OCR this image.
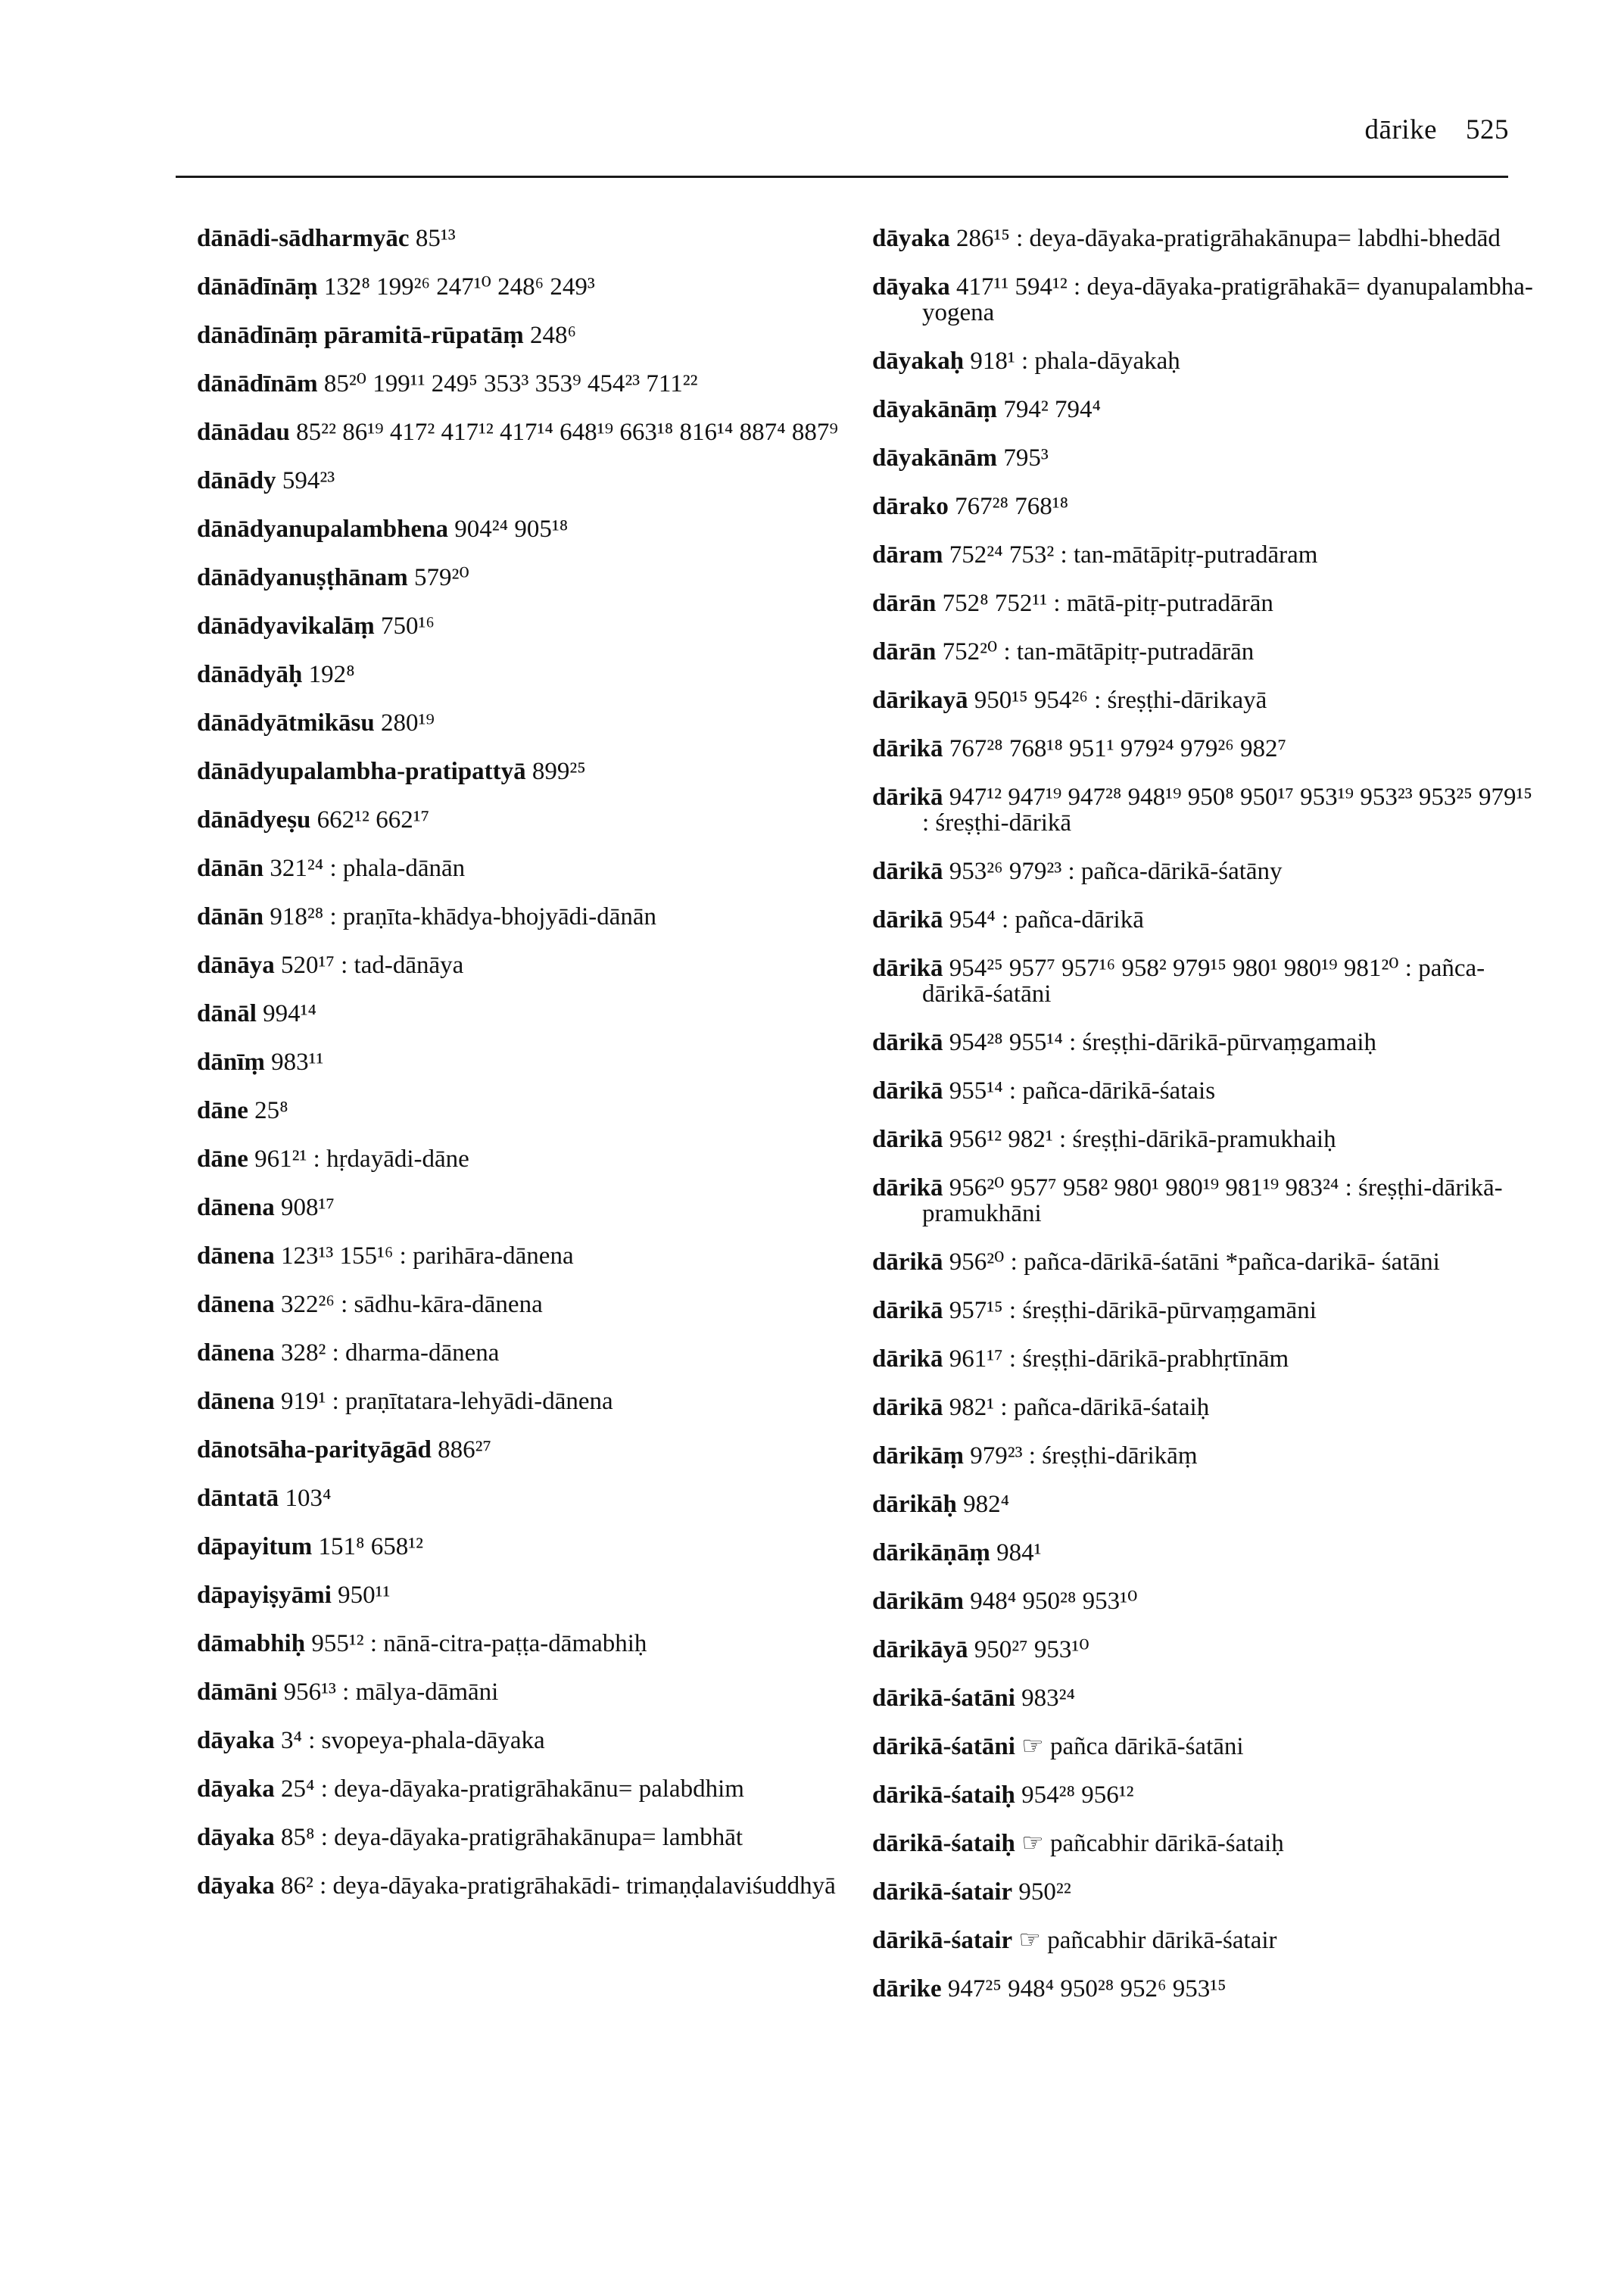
dārike 525
dānādi-sādharmyāc 85¹³
dānādīnāṃ 132⁸ 199²⁶ 247¹⁰ 248⁶ 249³
dānādīnāṃ pāramitā-rūpatāṃ 248⁶
dānādīnām 85²⁰ 199¹¹ 249⁵ 353³ 353⁹ 454²³ 711²²
dānādau 85²² 86¹⁹ 417² 417¹² 417¹⁴ 648¹⁹ 663¹⁸ 816¹⁴ 887⁴ 887⁹
dānādy 594²³
dānādyanupalambhena 904²⁴ 905¹⁸
dānādyanuṣṭhānam 579²⁰
dānādyavikalāṃ 750¹⁶
dānādyāḥ 192⁸
dānādyātmikāsu 280¹⁹
dānādyupalambha-pratipattyā 899²⁵
dānādyeṣu 662¹² 662¹⁷
dānān 321²⁴ : phala-dānān
dānān 918²⁸ : praṇīta-khādya-bhojyādi-dānān
dānāya 520¹⁷ : tad-dānāya
dānāl 994¹⁴
dānīṃ 983¹¹
dāne 25⁸
dāne 961²¹ : hṛdayādi-dāne
dānena 908¹⁷
dānena 123¹³ 155¹⁶ : parihāra-dānena
dānena 322²⁶ : sādhu-kāra-dānena
dānena 328² : dharma-dānena
dānena 919¹ : praṇītatara-lehyādi-dānena
dānotsāha-parityāgād 886²⁷
dāntatā 103⁴
dāpayitum 151⁸ 658¹²
dāpayiṣyāmi 950¹¹
dāmabhiḥ 955¹² : nānā-citra-paṭṭa-dāmabhiḥ
dāmāni 956¹³ : mālya-dāmāni
dāyaka 3⁴ : svopeya-phala-dāyaka
dāyaka 25⁴ : deya-dāyaka-pratigrāhakānu= palabdhim
dāyaka 85⁸ : deya-dāyaka-pratigrāhakānupa= lambhāt
dāyaka 86² : deya-dāyaka-pratigrāhakādi- trimaṇḍalaviśuddhyā
dāyaka 286¹⁵ : deya-dāyaka-pratigrāhakānupa= labdhi-bhedād
dāyaka 417¹¹ 594¹² : deya-dāyaka-pratigrāhakā= dyanupalambha-yogena
dāyakaḥ 918¹ : phala-dāyakaḥ
dāyakānāṃ 794² 794⁴
dāyakānām 795³
dārako 767²⁸ 768¹⁸
dāram 752²⁴ 753² : tan-mātāpitṛ-putradāram
dārān 752⁸ 752¹¹ : mātā-pitṛ-putradārān
dārān 752²⁰ : tan-mātāpitṛ-putradārān
dārikayā 950¹⁵ 954²⁶ : śreṣṭhi-dārikayā
dārikā 767²⁸ 768¹⁸ 951¹ 979²⁴ 979²⁶ 982⁷
dārikā 947¹² 947¹⁹ 947²⁸ 948¹⁹ 950⁸ 950¹⁷ 953¹⁹ 953²³ 953²⁵ 979¹⁵ : śreṣṭhi-dārikā
dārikā 953²⁶ 979²³ : pañca-dārikā-śatāny
dārikā 954⁴ : pañca-dārikā
dārikā 954²⁵ 957⁷ 957¹⁶ 958² 979¹⁵ 980¹ 980¹⁹ 981²⁰ : pañca-dārikā-śatāni
dārikā 954²⁸ 955¹⁴ : śreṣṭhi-dārikā-pūrvaṃgamaiḥ
dārikā 955¹⁴ : pañca-dārikā-śatais
dārikā 956¹² 982¹ : śreṣṭhi-dārikā-pramukhaiḥ
dārikā 956²⁰ 957⁷ 958² 980¹ 980¹⁹ 981¹⁹ 983²⁴ : śreṣṭhi-dārikā-pramukhāni
dārikā 956²⁰ : pañca-dārikā-śatāni *pañca-darikā- śatāni
dārikā 957¹⁵ : śreṣṭhi-dārikā-pūrvaṃgamāni
dārikā 961¹⁷ : śreṣṭhi-dārikā-prabhṛtīnām
dārikā 982¹ : pañca-dārikā-śataiḥ
dārikāṃ 979²³ : śreṣṭhi-dārikāṃ
dārikāḥ 982⁴
dārikāṇāṃ 984¹
dārikām 948⁴ 950²⁸ 953¹⁰
dārikāyā 950²⁷ 953¹⁰
dārikā-śatāni 983²⁴
dārikā-śatāni ☞ pañca dārikā-śatāni
dārikā-śataiḥ 954²⁸ 956¹²
dārikā-śataiḥ ☞ pañcabhir dārikā-śataiḥ
dārikā-śatair 950²²
dārikā-śatair ☞ pañcabhir dārikā-śatair
dārike 947²⁵ 948⁴ 950²⁸ 952⁶ 953¹⁵
